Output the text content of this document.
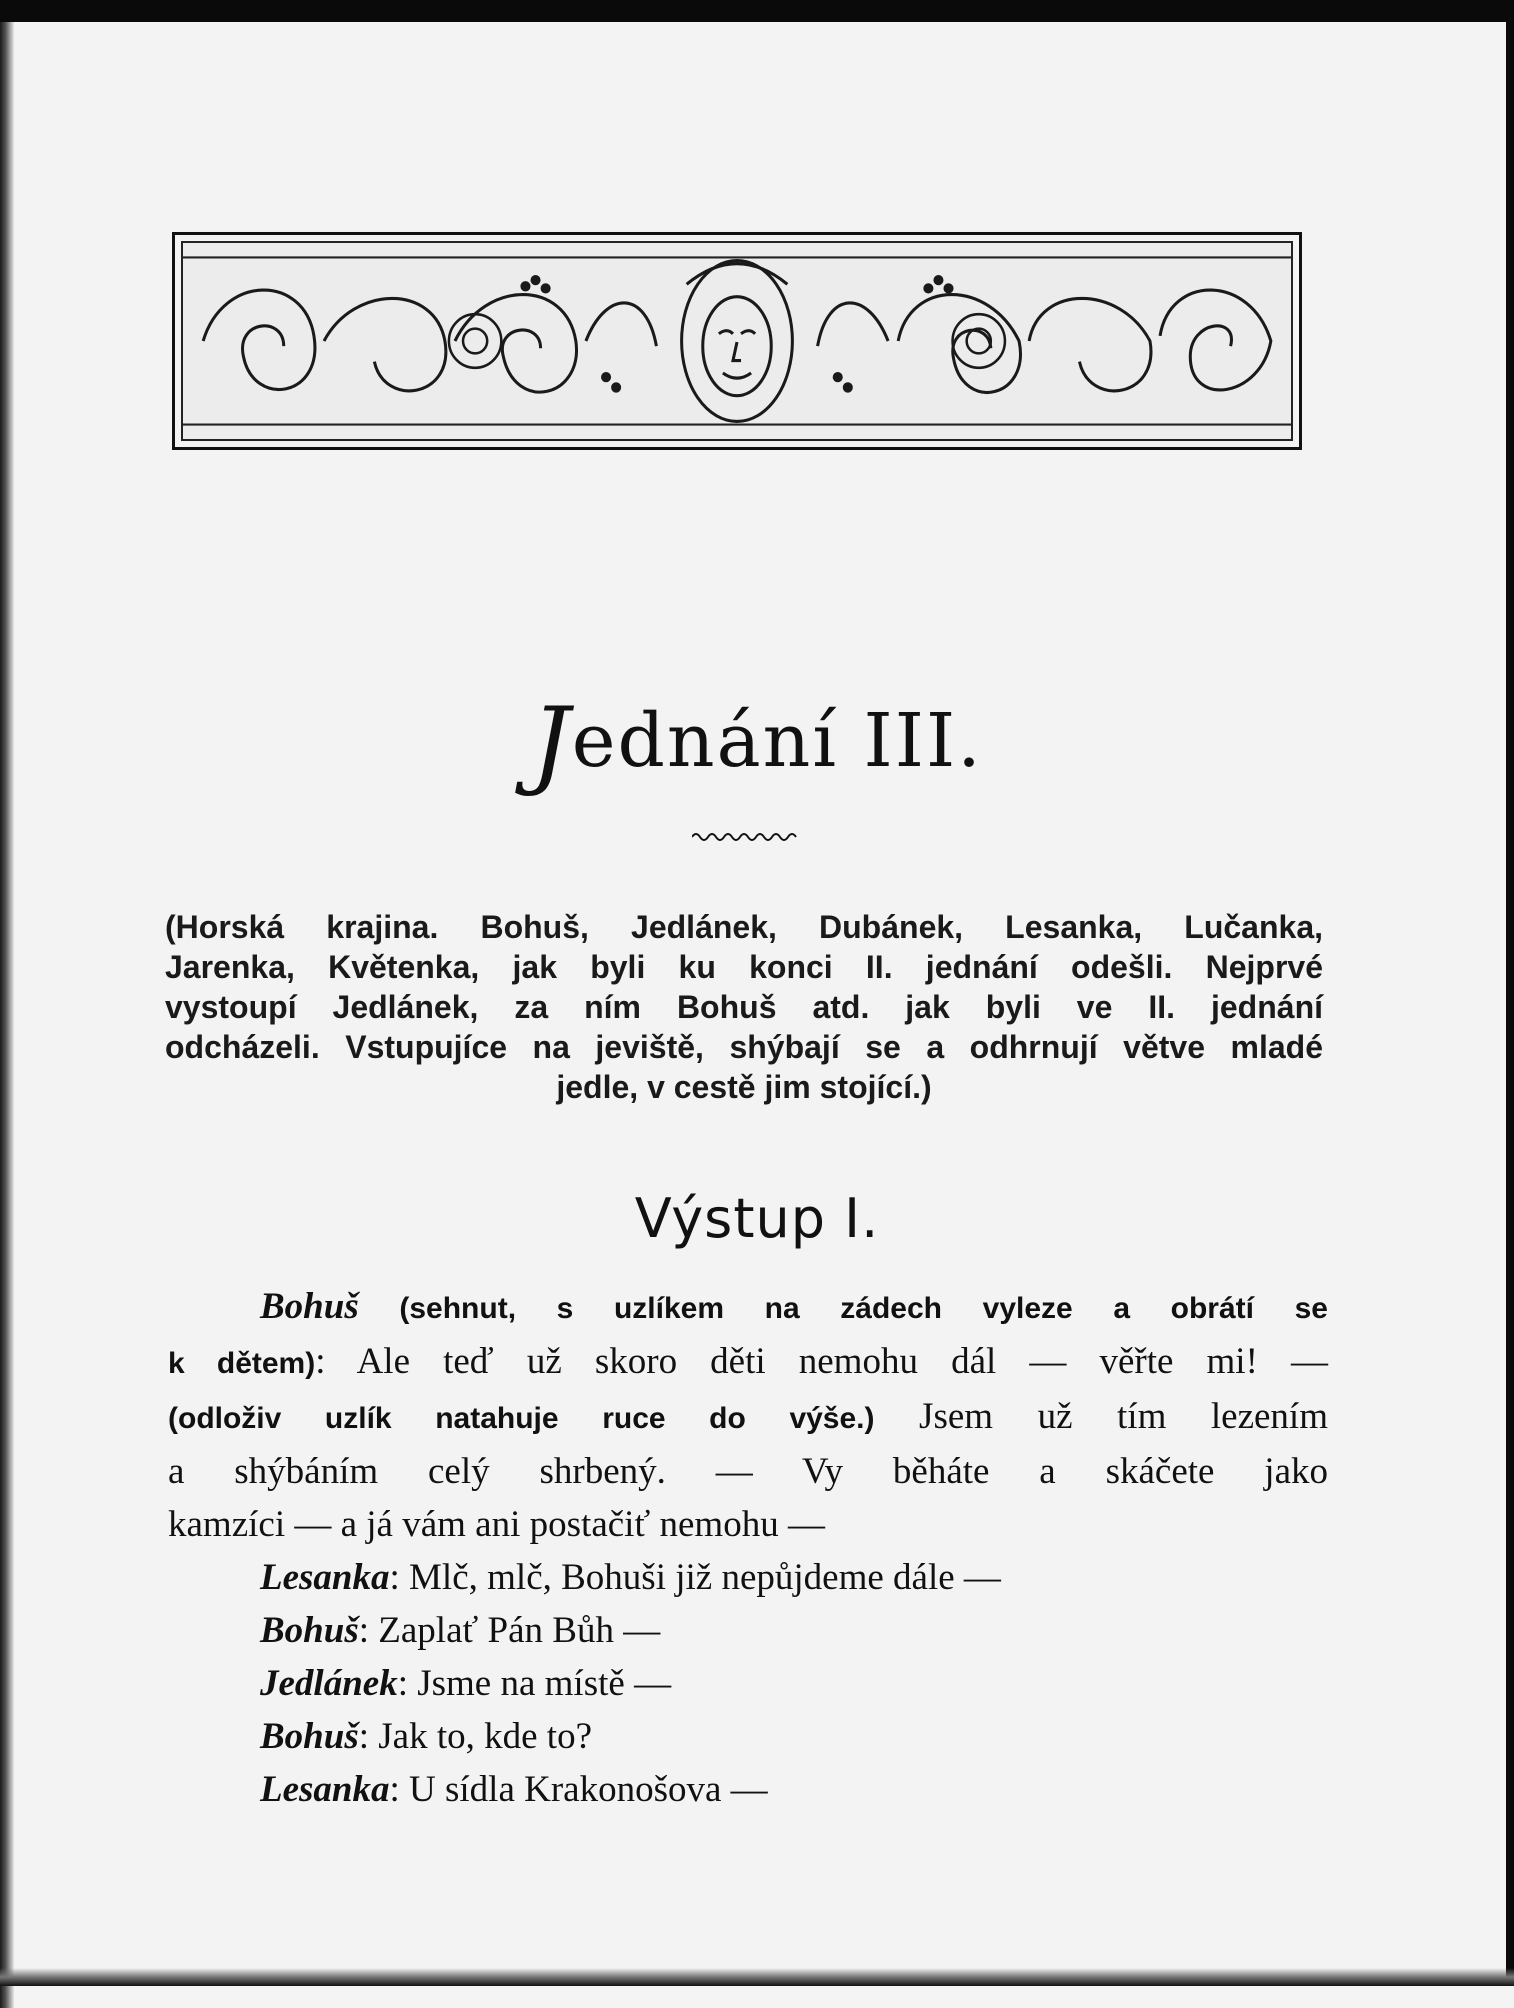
Jednání III.
(Horská krajina. Bohuš, Jedlánek, Dubánek, Lesanka, Lučanka,
Jarenka, Květenka, jak byli ku konci II. jednání odešli. Nejprvé
vystoupí Jedlánek, za ním Bohuš atd. jak byli ve II. jednání
odcházeli. Vstupujíce na jeviště, shýbají se a odhrnují větve mladé
jedle, v cestě jim stojící.)
Výstup I.
Bohuš (sehnut, s uzlíkem na zádech vyleze a obrátí se
k dětem): Ale teď už skoro děti nemohu dál — věřte mi! —
(odloživ uzlík natahuje ruce do výše.) Jsem už tím lezením
a shýbáním celý shrbený. — Vy běháte a skáčete jako
kamzíci — a já vám ani postačiť nemohu —
Lesanka: Mlč, mlč, Bohuši již nepůjdeme dále —
Bohuš: Zaplať Pán Bůh —
Jedlánek: Jsme na místě —
Bohuš: Jak to, kde to?
Lesanka: U sídla Krakonošova —
